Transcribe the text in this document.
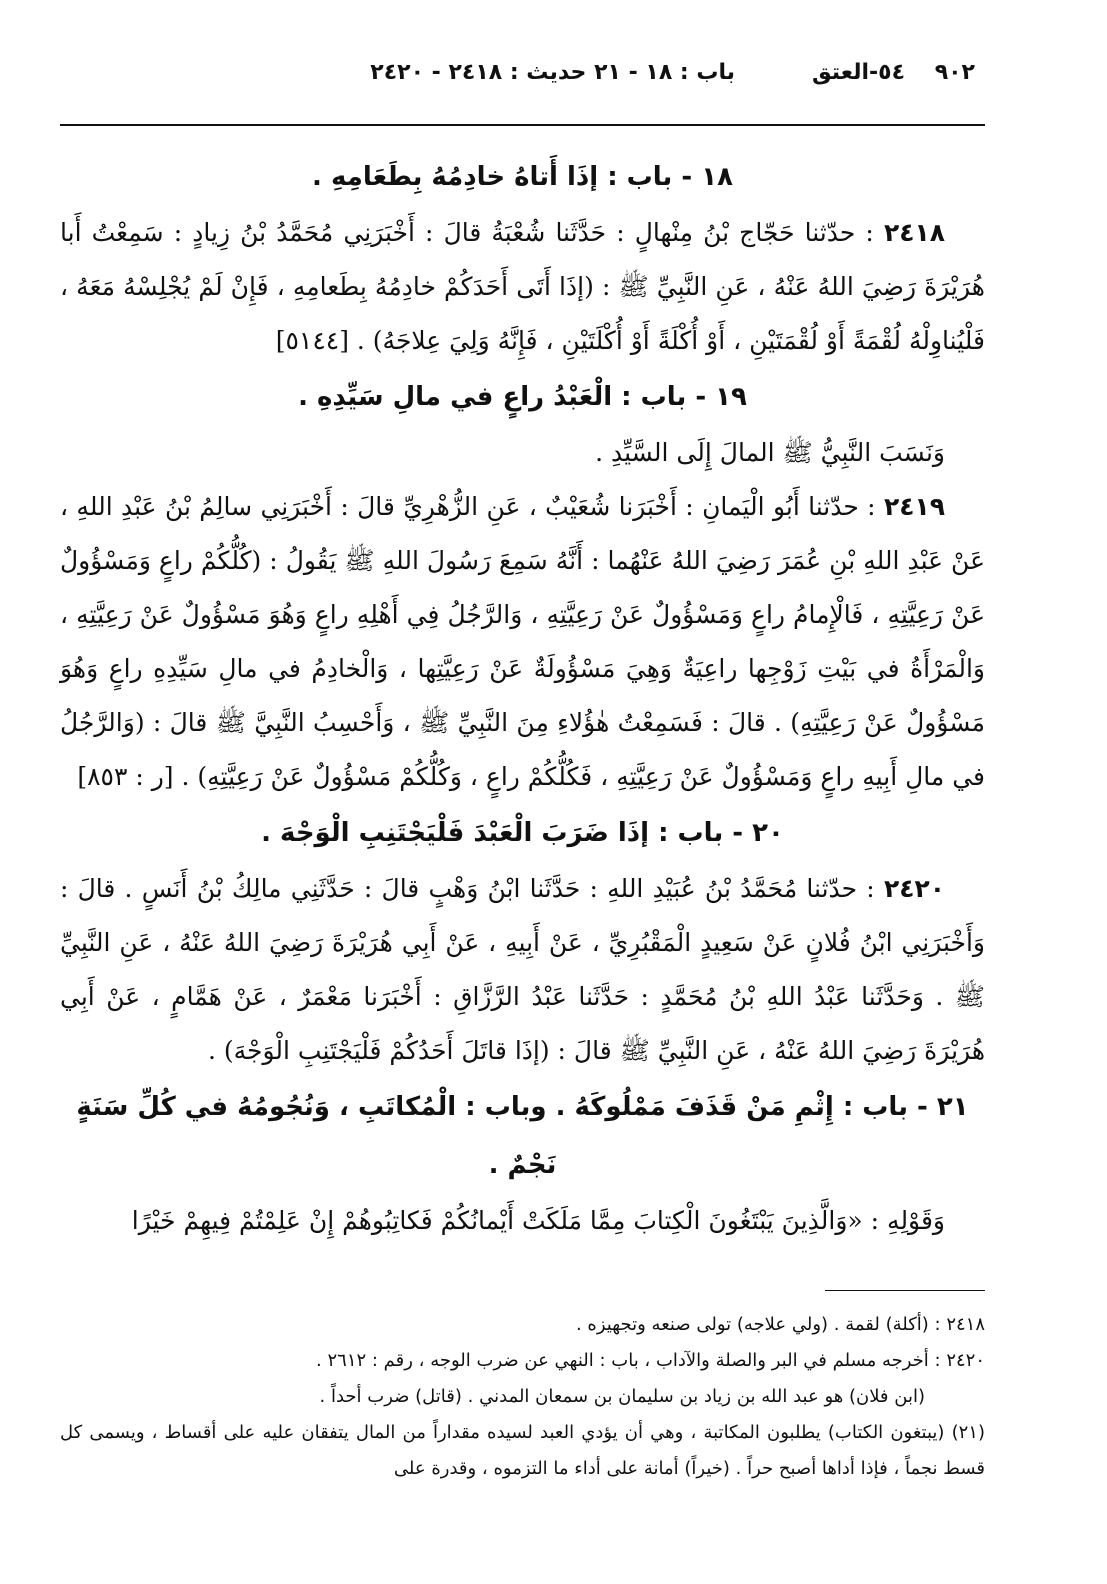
٩٠٢
٥٤-العتق
باب : ١٨ - ٢١ حديث : ٢٤١٨ - ٢٤٢٠

١٨ - باب : إذَا أَتاهُ خادِمُهُ بِطَعَامِهِ .

٢٤١٨ : حدّثنا حَجّاج بْنُ مِنْهالٍ : حَدَّثَنا شُعْبَةُ قالَ : أَخْبَرَنِي مُحَمَّدُ بْنُ زِيادٍ : سَمِعْتُ أَبا هُرَيْرَةَ رَضِيَ اللهُ عَنْهُ ، عَنِ النَّبِيِّ ﷺ : (إذَا أَتَى أَحَدَكُمْ خادِمُهُ بِطَعامِهِ ، فَإِنْ لَمْ يُجْلِسْهُ مَعَهُ ، فَلْيُناوِلْهُ لُقْمَةً أَوْ لُقْمَتَيْنِ ، أَوْ أُكْلَةً أَوْ أُكْلَتَيْنِ ، فَإِنَّهُ وَلِيَ عِلاجَهُ) . [٥١٤٤]

١٩ - باب : الْعَبْدُ راعٍ في مالِ سَيِّدِهِ .

وَنَسَبَ النَّبِيُّ ﷺ المالَ إِلَى السَّيِّدِ .

٢٤١٩ : حدّثنا أَبُو الْيَمانِ : أَخْبَرَنا شُعَيْبٌ ، عَنِ الزُّهْرِيِّ قالَ : أَخْبَرَنِي سالِمُ بْنُ عَبْدِ اللهِ ، عَنْ عَبْدِ اللهِ بْنِ عُمَرَ رَضِيَ اللهُ عَنْهُما : أَنَّهُ سَمِعَ رَسُولَ اللهِ ﷺ يَقُولُ : (كُلُّكُمْ راعٍ وَمَسْؤُولٌ عَنْ رَعِيَّتِهِ ، فَالْإِمامُ راعٍ وَمَسْؤُولٌ عَنْ رَعِيَّتِهِ ، وَالرَّجُلُ فِي أَهْلِهِ راعٍ وَهُوَ مَسْؤُولٌ عَنْ رَعِيَّتِهِ ، وَالْمَرْأَةُ في بَيْتِ زَوْجِها راعِيَةٌ وَهِيَ مَسْؤُولَةٌ عَنْ رَعِيَّتِها ، وَالْخادِمُ في مالِ سَيِّدِهِ راعٍ وَهُوَ مَسْؤُولٌ عَنْ رَعِيَّتِهِ) . قالَ : فَسَمِعْتُ هٰؤُلاءِ مِنَ النَّبِيِّ ﷺ ، وَأَحْسِبُ النَّبِيَّ ﷺ قالَ : (وَالرَّجُلُ في مالِ أَبِيهِ راعٍ وَمَسْؤُولٌ عَنْ رَعِيَّتِهِ ، فَكُلُّكُمْ راعٍ ، وَكُلُّكُمْ مَسْؤُولٌ عَنْ رَعِيَّتِهِ) . [ر : ٨٥٣]

٢٠ - باب : إذَا ضَرَبَ الْعَبْدَ فَلْيَجْتَنِبِ الْوَجْهَ .

٢٤٢٠ : حدّثنا مُحَمَّدُ بْنُ عُبَيْدِ اللهِ : حَدَّثَنا ابْنُ وَهْبٍ قالَ : حَدَّثَنِي مالِكُ بْنُ أَنَسٍ . قالَ : وَأَخْبَرَنِي ابْنُ فُلانٍ عَنْ سَعِيدٍ الْمَقْبُرِيِّ ، عَنْ أَبِيهِ ، عَنْ أَبِي هُرَيْرَةَ رَضِيَ اللهُ عَنْهُ ، عَنِ النَّبِيِّ ﷺ . وَحَدَّثَنا عَبْدُ اللهِ بْنُ مُحَمَّدٍ : حَدَّثَنا عَبْدُ الرَّزَّاقِ : أَخْبَرَنا مَعْمَرٌ ، عَنْ هَمَّامٍ ، عَنْ أَبِي هُرَيْرَةَ رَضِيَ اللهُ عَنْهُ ، عَنِ النَّبِيِّ ﷺ قالَ : (إذَا قاتَلَ أَحَدُكُمْ فَلْيَجْتَنِبِ الْوَجْهَ) .

٢١ - باب : إِثْمِ مَنْ قَذَفَ مَمْلُوكَهُ . وباب : الْمُكاتَبِ ، وَنُجُومُهُ في كُلِّ سَنَةٍ نَجْمٌ .

وَقَوْلِهِ : «وَالَّذِينَ يَبْتَغُونَ الْكِتابَ مِمَّا مَلَكَتْ أَيْمانُكُمْ فَكاتِبُوهُمْ إِنْ عَلِمْتُمْ فِيهِمْ خَيْرًا

٢٤١٨ : (أكلة) لقمة . (ولي علاجه) تولى صنعه وتجهيزه .

٢٤٢٠ : أخرجه مسلم في البر والصلة والآداب ، باب : النهي عن ضرب الوجه ، رقم : ٢٦١٢ .

(ابن فلان) هو عبد الله بن زياد بن سليمان بن سمعان المدني . (قاتل) ضرب أحداً .

(٢١) (يبتغون الكتاب) يطلبون المكاتبة ، وهي أن يؤدي العبد لسيده مقداراً من المال يتفقان عليه على أقساط ، ويسمى كل قسط نجماً ، فإذا أداها أصبح حراً . (خيراً) أمانة على أداء ما التزموه ، وقدرة على
